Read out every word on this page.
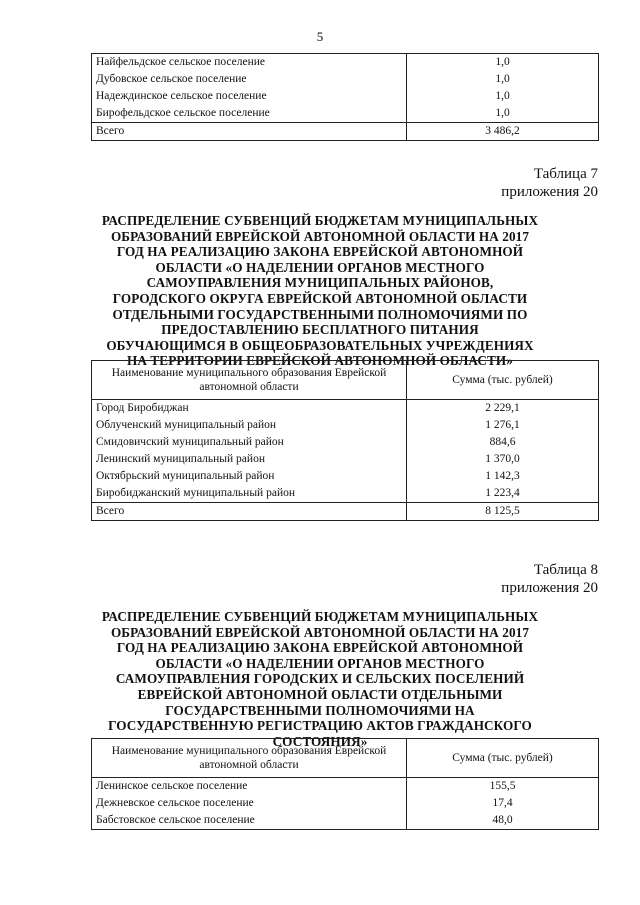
5
Найфельдское сельское поселение	1,0
Дубовское сельское поселение	1,0
Надеждинское сельское поселение	1,0
Бирофельдское сельское поселение	1,0
Всего	3 486,2
Таблица 7
приложения 20
РАСПРЕДЕЛЕНИЕ СУБВЕНЦИЙ БЮДЖЕТАМ МУНИЦИПАЛЬНЫХ ОБРАЗОВАНИЙ ЕВРЕЙСКОЙ АВТОНОМНОЙ ОБЛАСТИ НА 2017 ГОД НА РЕАЛИЗАЦИЮ ЗАКОНА ЕВРЕЙСКОЙ АВТОНОМНОЙ ОБЛАСТИ «О НАДЕЛЕНИИ ОРГАНОВ МЕСТНОГО САМОУПРАВЛЕНИЯ МУНИЦИПАЛЬНЫХ РАЙОНОВ, ГОРОДСКОГО ОКРУГА ЕВРЕЙСКОЙ АВТОНОМНОЙ ОБЛАСТИ ОТДЕЛЬНЫМИ ГОСУДАРСТВЕННЫМИ ПОЛНОМОЧИЯМИ ПО ПРЕДОСТАВЛЕНИЮ БЕСПЛАТНОГО ПИТАНИЯ ОБУЧАЮЩИМСЯ В ОБЩЕОБРАЗОВАТЕЛЬНЫХ УЧРЕЖДЕНИЯХ НА ТЕРРИТОРИИ ЕВРЕЙСКОЙ АВТОНОМНОЙ ОБЛАСТИ»
Наименование муниципального образования Еврейской автономной области	Сумма (тыс. рублей)
Город Биробиджан	2 229,1
Облученский муниципальный район	1 276,1
Смидовичский муниципальный район	884,6
Ленинский муниципальный район	1 370,0
Октябрьский муниципальный район	1 142,3
Биробиджанский муниципальный район	1 223,4
Всего	8 125,5
Таблица 8
приложения 20
РАСПРЕДЕЛЕНИЕ СУБВЕНЦИЙ БЮДЖЕТАМ МУНИЦИПАЛЬНЫХ ОБРАЗОВАНИЙ ЕВРЕЙСКОЙ АВТОНОМНОЙ ОБЛАСТИ НА 2017 ГОД НА РЕАЛИЗАЦИЮ ЗАКОНА ЕВРЕЙСКОЙ АВТОНОМНОЙ ОБЛАСТИ «О НАДЕЛЕНИИ ОРГАНОВ МЕСТНОГО САМОУПРАВЛЕНИЯ ГОРОДСКИХ И СЕЛЬСКИХ ПОСЕЛЕНИЙ ЕВРЕЙСКОЙ АВТОНОМНОЙ ОБЛАСТИ ОТДЕЛЬНЫМИ ГОСУДАРСТВЕННЫМИ ПОЛНОМОЧИЯМИ НА ГОСУДАРСТВЕННУЮ РЕГИСТРАЦИЮ АКТОВ ГРАЖДАНСКОГО СОСТОЯНИЯ»
Наименование муниципального образования Еврейской автономной области	Сумма (тыс. рублей)
Ленинское сельское поселение	155,5
Дежневское сельское поселение	17,4
Бабстовское сельское поселение	48,0
